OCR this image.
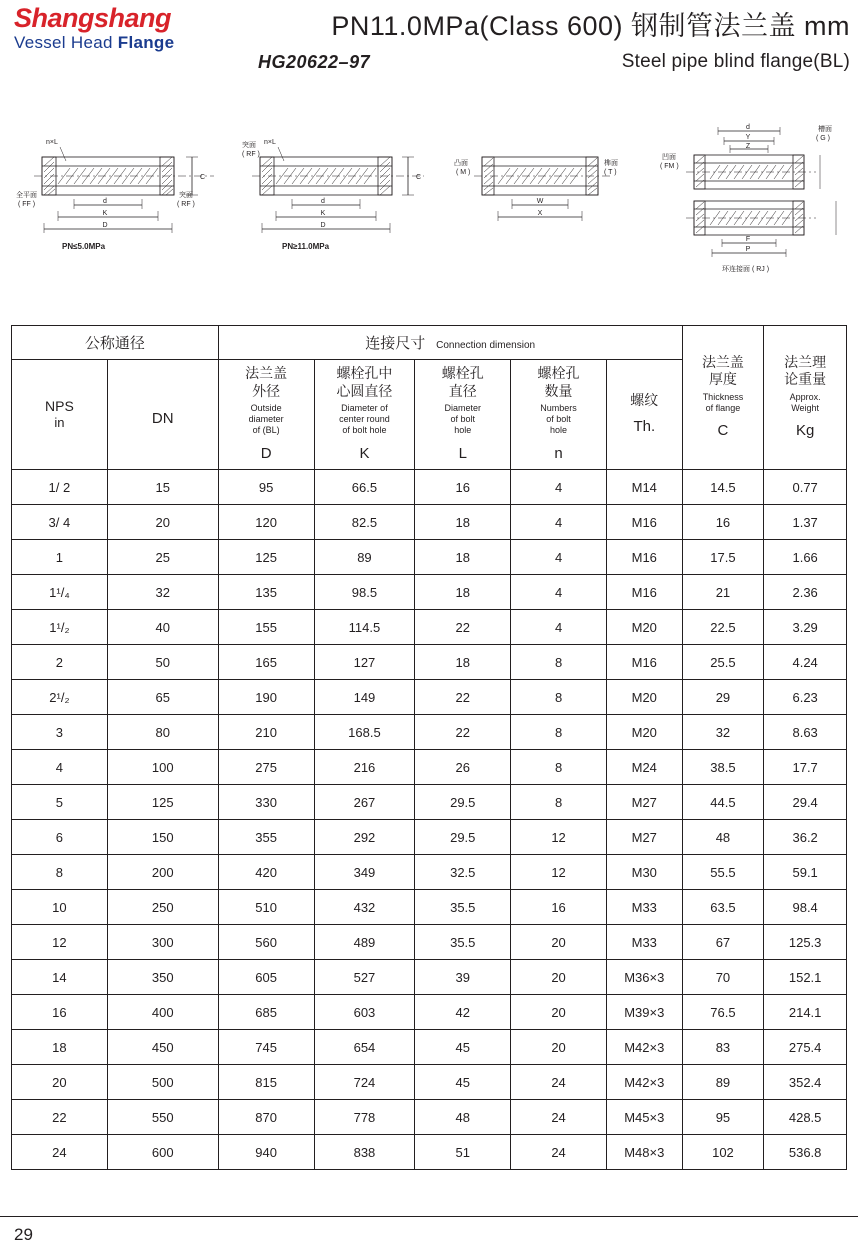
Shangshang
Vessel Head Flange
PN11.0MPa(Class 600) 钢制管法兰盖 mm
HG20622–97	Steel pipe blind flange(BL)
n×L
d
K
D
C
全平面
( FF )
突面
( RF )
PN≤5.0MPa
n×L
d
K
D
C
突面
( RF )
PN≥11.0MPa
凸面
( M )
榫面
( T )
W
X
d
Y
Z
F
P
凹面
( FM )
槽面
( G )
环连接面 ( RJ )
公称通径		连接尺寸 Connection dimension					法兰盖
厚度
Thickness
of flange
C	法兰理
论重量
Approx.
Weight
Kg

NPS
in	DN

法兰盖
外径
Outside
diameter
of (BL)
D

螺栓孔中
心圆直径
Diameter of
center round
of bolt hole
K

螺栓孔
直径
Diameter
of bolt
hole
L

螺栓孔
数量
Numbers
of bolt
hole
n

螺纹
Th.

1/ 2	15	95	66.5	16	4	M14	14.5	0.77
3/ 4	20	120	82.5	18	4	M16	16	1.37
1	25	125	89	18	4	M16	17.5	1.66
1¹/₄	32	135	98.5	18	4	M16	21	2.36
1¹/₂	40	155	114.5	22	4	M20	22.5	3.29
2	50	165	127	18	8	M16	25.5	4.24
2¹/₂	65	190	149	22	8	M20	29	6.23
3	80	210	168.5	22	8	M20	32	8.63
4	100	275	216	26	8	M24	38.5	17.7
5	125	330	267	29.5	8	M27	44.5	29.4
6	150	355	292	29.5	12	M27	48	36.2
8	200	420	349	32.5	12	M30	55.5	59.1
10	250	510	432	35.5	16	M33	63.5	98.4
12	300	560	489	35.5	20	M33	67	125.3
14	350	605	527	39	20	M36×3	70	152.1
16	400	685	603	42	20	M39×3	76.5	214.1
18	450	745	654	45	20	M42×3	83	275.4
20	500	815	724	45	24	M42×3	89	352.4
22	550	870	778	48	24	M45×3	95	428.5
24	600	940	838	51	24	M48×3	102	536.8
29
